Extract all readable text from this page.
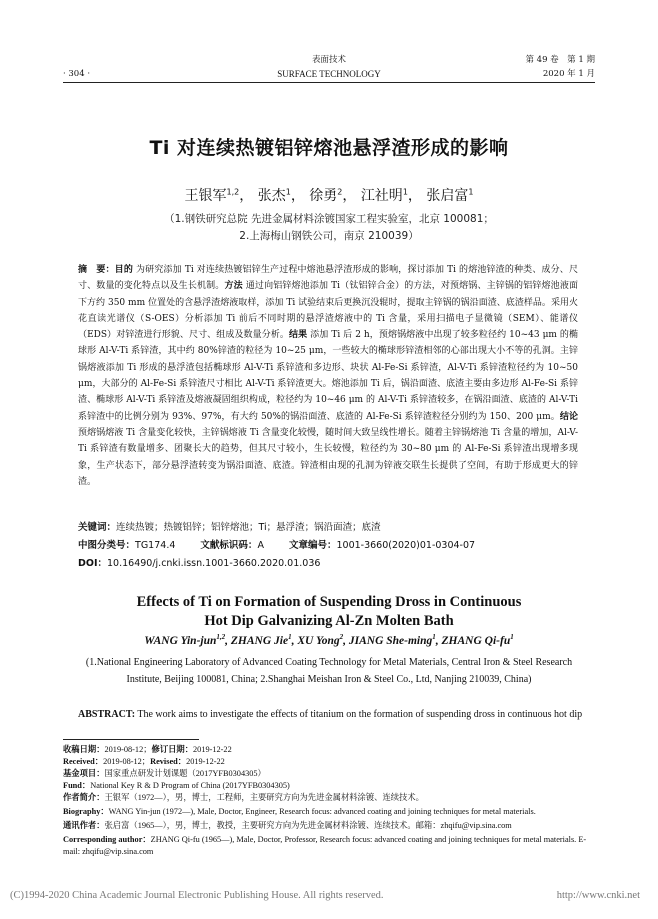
表面技术
SURFACE TECHNOLOGY
· 304 ·
第 49 卷　第 1 期
2020 年 1 月
Ti 对连续热镀铝锌熔池悬浮渣形成的影响
王银军$^{1,2}$， 张杰$^1$， 徐勇$^2$， 江社明$^1$， 张启富$^1$
（1.钢铁研究总院 先进金属材料涂镀国家工程实验室，北京 100081；
2.上海梅山钢铁公司，南京 210039）
摘　要：目的 为研究添加 Ti 对连续热镀铝锌生产过程中熔池悬浮渣形成的影响，探讨添加 Ti 的熔池锌渣的种类、成分、尺寸、数量的变化特点以及生长机制。方法 通过向铝锌熔池添加 Ti（钛铝锌合金）的方法，对预熔锅、主锌锅的铝锌熔池液面下方约 350 mm 位置处的含悬浮渣熔液取样，添加 Ti 试验结束后更换沉没辊时，提取主锌锅的锅沿面渣、底渣样品。采用火花直读光谱仪（S-OES）分析添加 Ti 前后不同时期的悬浮渣熔液中的 Ti 含量，采用扫描电子显微镜（SEM）、能谱仪（EDS）对锌渣进行形貌、尺寸、组成及数量分析。结果 添加 Ti 后 2 h，预熔锅熔液中出现了较多粒径约 10~43 μm 的椭球形 Al-V-Ti 系锌渣，其中约 80%锌渣的粒径为 10~25 μm，一些较大的椭球形锌渣相邻的心部出现大小不等的孔洞。主锌锅熔液添加 Ti 形成的悬浮渣包括椭球形 Al-V-Ti 系锌渣和多边形、块状 Al-Fe-Si 系锌渣，Al-V-Ti 系锌渣粒径约为 10~50 μm，大部分的 Al-Fe-Si 系锌渣尺寸相比 Al-V-Ti 系锌渣更大。熔池添加 Ti 后，锅沿面渣、底渣主要由多边形 Al-Fe-Si 系锌渣、椭球形 Al-V-Ti 系锌渣及熔液凝固组织构成，粒径约为 10~46 μm 的 Al-V-Ti 系锌渣较多，在锅沿面渣、底渣的 Al-V-Ti 系锌渣中的比例分别为 93%、97%，有大约 50%的锅沿面渣、底渣的 Al-Fe-Si 系锌渣粒径分别约为 150、200 μm。结论 预熔锅熔液 Ti 含量变化较快，主锌锅熔液 Ti 含量变化较慢，随时间大致呈线性增长。随着主锌锅熔池 Ti 含量的增加，Al-V-Ti 系锌渣有数量增多、团聚长大的趋势，但其尺寸较小，生长较慢，粒径约为 30~80 μm 的 Al-Fe-Si 系锌渣出现增多现象，生产状态下，部分悬浮渣转变为锅沿面渣、底渣。锌渣相由现的孔洞为锌液交联生长提供了空间，有助于形成更大的锌渣。
关键词：连续热镀；热镀铝锌；铝锌熔池；Ti；悬浮渣；锅沿面渣；底渣
中图分类号：TG174.4	文献标识码：A	文章编号：1001-3660(2020)01-0304-07
DOI：10.16490/j.cnki.issn.1001-3660.2020.01.036
Effects of Ti on Formation of Suspending Dross in Continuous
Hot Dip Galvanizing Al-Zn Molten Bath
WANG Yin-jun$^{1,2}$, ZHANG Jie$^1$, XU Yong$^2$, JIANG She-ming$^1$, ZHANG $Qi-fu^1$
(1.National Engineering Laboratory of Advanced Coating Technology for Metal Materials, Central Iron & Steel Research
Institute, Beijing 100081, China; 2.Shanghai Meishan Iron & Steel Co., Ltd, Nanjing 210039, China)
ABSTRACT: The work aims to investigate the effects of titanium on the formation of suspending dross in continuous hot dip
收稿日期：2019-08-12；修订日期：2019-12-22
Received：2019-08-12；Revised：2019-12-22
基金项目：国家重点研发计划课题（2017YFB0304305）
Fund：National Key R & D Program of China (2017YFB0304305)
作者简介：王银军（1972—），男，博士，工程师，主要研究方向为先进金属材料涂镀、连续技术。
Biography：WANG Yin-jun (1972—), Male, Doctor, Engineer, Research focus: advanced coating and joining techniques for metal materials.
通讯作者：张启富（1965—），男，博士，教授，主要研究方向为先进金属材料涂镀、连续技术。邮箱：zhqifu@vip.sina.com
Corresponding author：ZHANG Qi-fu (1965—), Male, Doctor, Professor, Research focus: advanced coating and joining techniques for metal materials. E-mail: zhqifu@vip.sina.com
(C)1994-2020 China Academic Journal Electronic Publishing House. All rights reserved.	http://www.cnki.net
